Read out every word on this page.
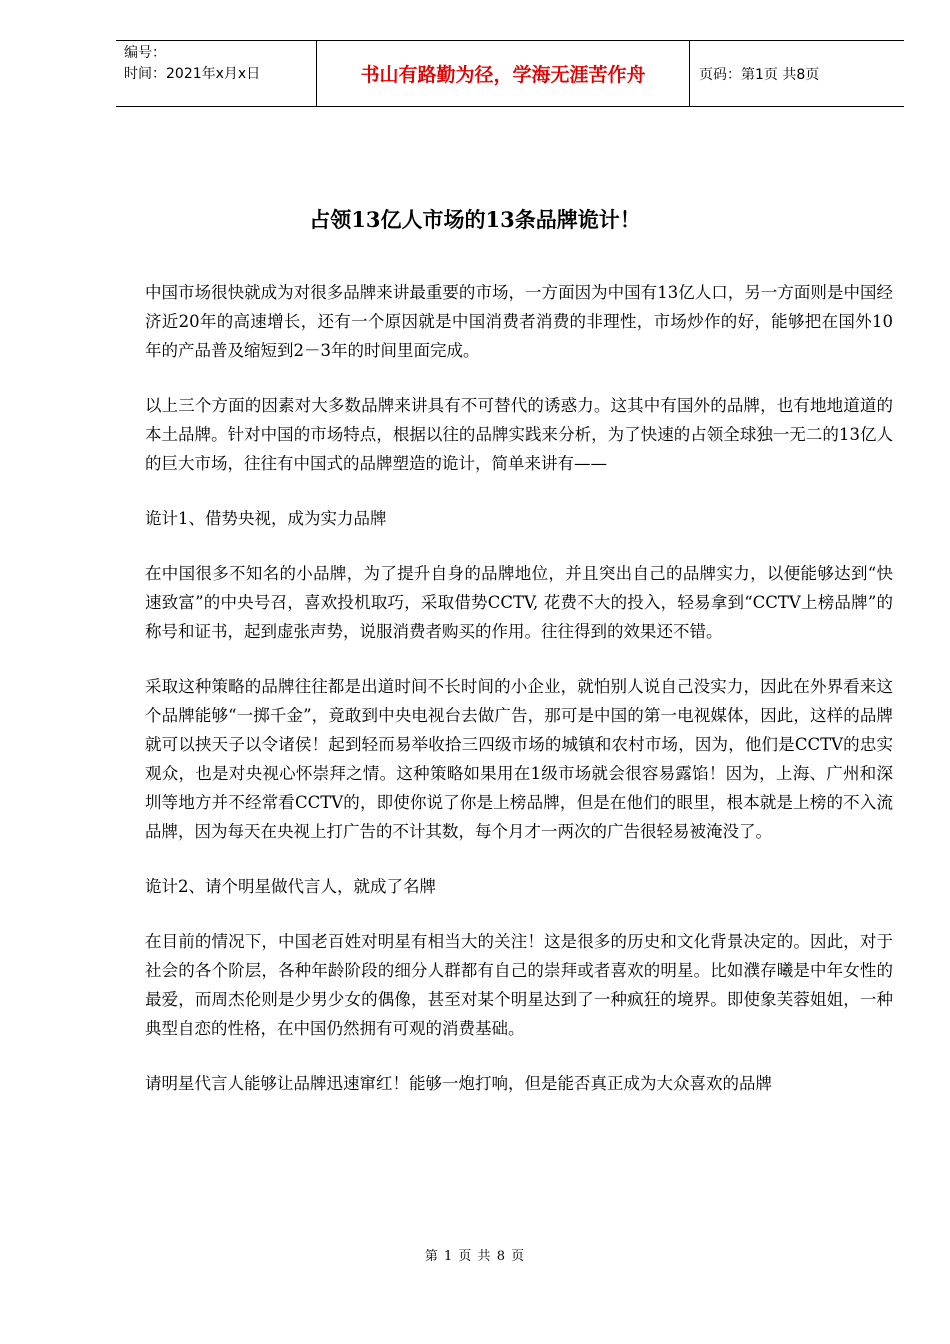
编号：
时间：2021年x月x日	书山有路勤为径，学海无涯苦作舟	页码：第1页 共8页
占领13亿人市场的13条品牌诡计！

中国市场很快就成为对很多品牌来讲最重要的市场，一方面因为中国有13亿人口，另一方面则是中国经济近20年的高速增长，还有一个原因就是中国消费者消费的非理性，市场炒作的好，能够把在国外10年的产品普及缩短到2－3年的时间里面完成。

以上三个方面的因素对大多数品牌来讲具有不可替代的诱惑力。这其中有国外的品牌，也有地地道道的本土品牌。针对中国的市场特点，根据以往的品牌实践来分析，为了快速的占领全球独一无二的13亿人的巨大市场，往往有中国式的品牌塑造的诡计，简单来讲有——

诡计1、借势央视，成为实力品牌

在中国很多不知名的小品牌，为了提升自身的品牌地位，并且突出自己的品牌实力，以便能够达到“快速致富”的中央号召，喜欢投机取巧，采取借势CCTV, 花费不大的投入，轻易拿到“CCTV上榜品牌”的称号和证书，起到虚张声势，说服消费者购买的作用。往往得到的效果还不错。

采取这种策略的品牌往往都是出道时间不长时间的小企业，就怕别人说自己没实力，因此在外界看来这个品牌能够“一掷千金”，竟敢到中央电视台去做广告，那可是中国的第一电视媒体，因此，这样的品牌就可以挟天子以令诸侯！起到轻而易举收拾三四级市场的城镇和农村市场，因为，他们是CCTV的忠实观众，也是对央视心怀崇拜之情。这种策略如果用在1级市场就会很容易露馅！因为，上海、广州和深圳等地方并不经常看CCTV的，即使你说了你是上榜品牌，但是在他们的眼里，根本就是上榜的不入流品牌，因为每天在央视上打广告的不计其数，每个月才一两次的广告很轻易被淹没了。

诡计2、请个明星做代言人，就成了名牌

在目前的情况下，中国老百姓对明星有相当大的关注！这是很多的历史和文化背景决定的。因此，对于社会的各个阶层，各种年龄阶段的细分人群都有自己的崇拜或者喜欢的明星。比如濮存曦是中年女性的最爱，而周杰伦则是少男少女的偶像，甚至对某个明星达到了一种疯狂的境界。即使象芙蓉姐姐，一种典型自恋的性格，在中国仍然拥有可观的消费基础。

请明星代言人能够让品牌迅速窜红！能够一炮打响，但是能否真正成为大众喜欢的品牌

第 1 页 共 8 页
